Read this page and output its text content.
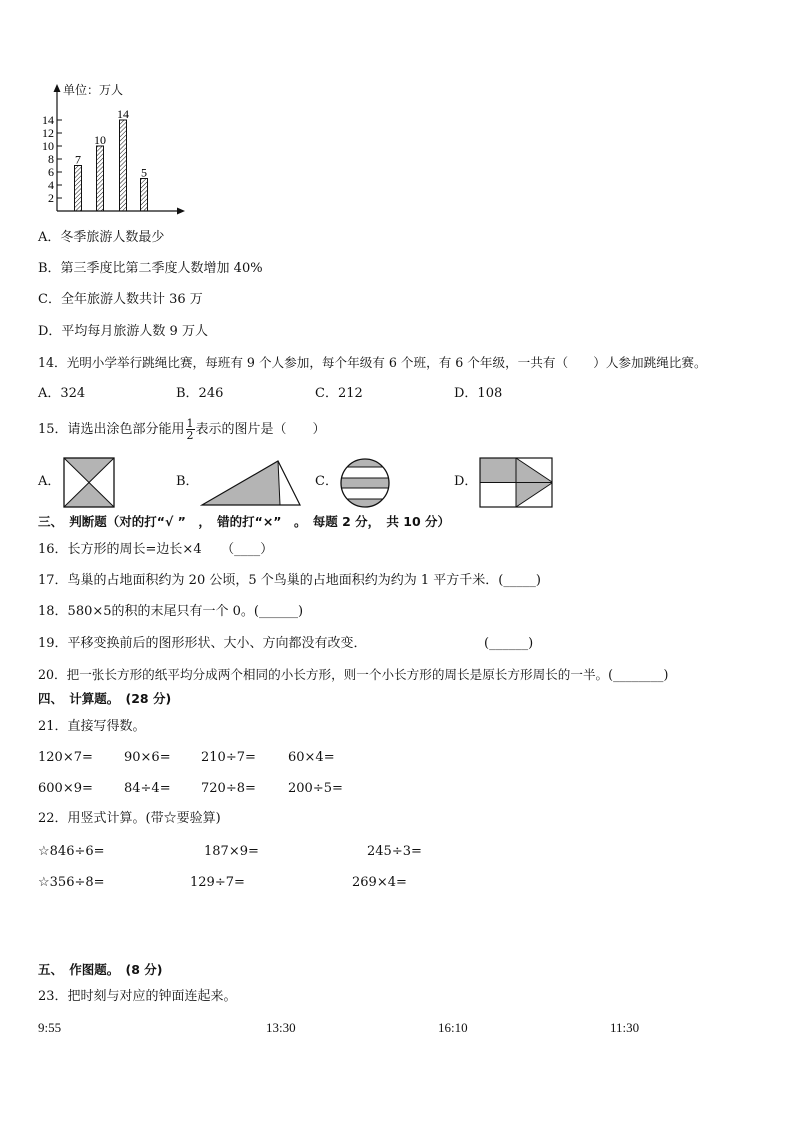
单位：万人
2
4
6
8
10
12
14
7
10
14
5
A．冬季旅游人数最少
B．第三季度比第二季度人数增加 40%
C．全年旅游人数共计 36 万
D．平均每月旅游人数 9 万人
14．光明小学举行跳绳比赛，每班有 9 个人参加，每个年级有 6 个班，有 6 个年级，一共有（　　）人参加跳绳比赛。
A．324	B．246	C．212	D．108
15．请选出涂色部分能用 $\frac{1}{2}$ 表示的图片是（　　）
A．	B．	C．	D．
三、　判断题（对的打“√ ”　，　错的打“×”　。　每题 2 分，　共 10 分）
16．长方形的周长=边长×4　　（____）
17．鸟巢的占地面积约为 20 公顷，5 个鸟巢的占地面积约为约为 1 平方千米．(_____)
18．580×5的积的末尾只有一个 0。(______)
19．平移变换前后的图形形状、大小、方向都没有改变．	(______)
20．把一张长方形的纸平均分成两个相同的小长方形，则一个小长方形的周长是原长方形周长的一半。(________)
四、　计算题。　(28 分)
21．直接写得数。
120×7= 90×6= 210÷7= 60×4=
600×9= 84÷4= 720÷8= 200÷5=
22．用竖式计算。(带☆要验算)
☆846÷6=	187×9=	245÷3=
☆356÷8=	129÷7=	269×4=
五、　作图题。　(8 分)
23．把时刻与对应的钟面连起来。
9:55	13:30	16:10	11:30
